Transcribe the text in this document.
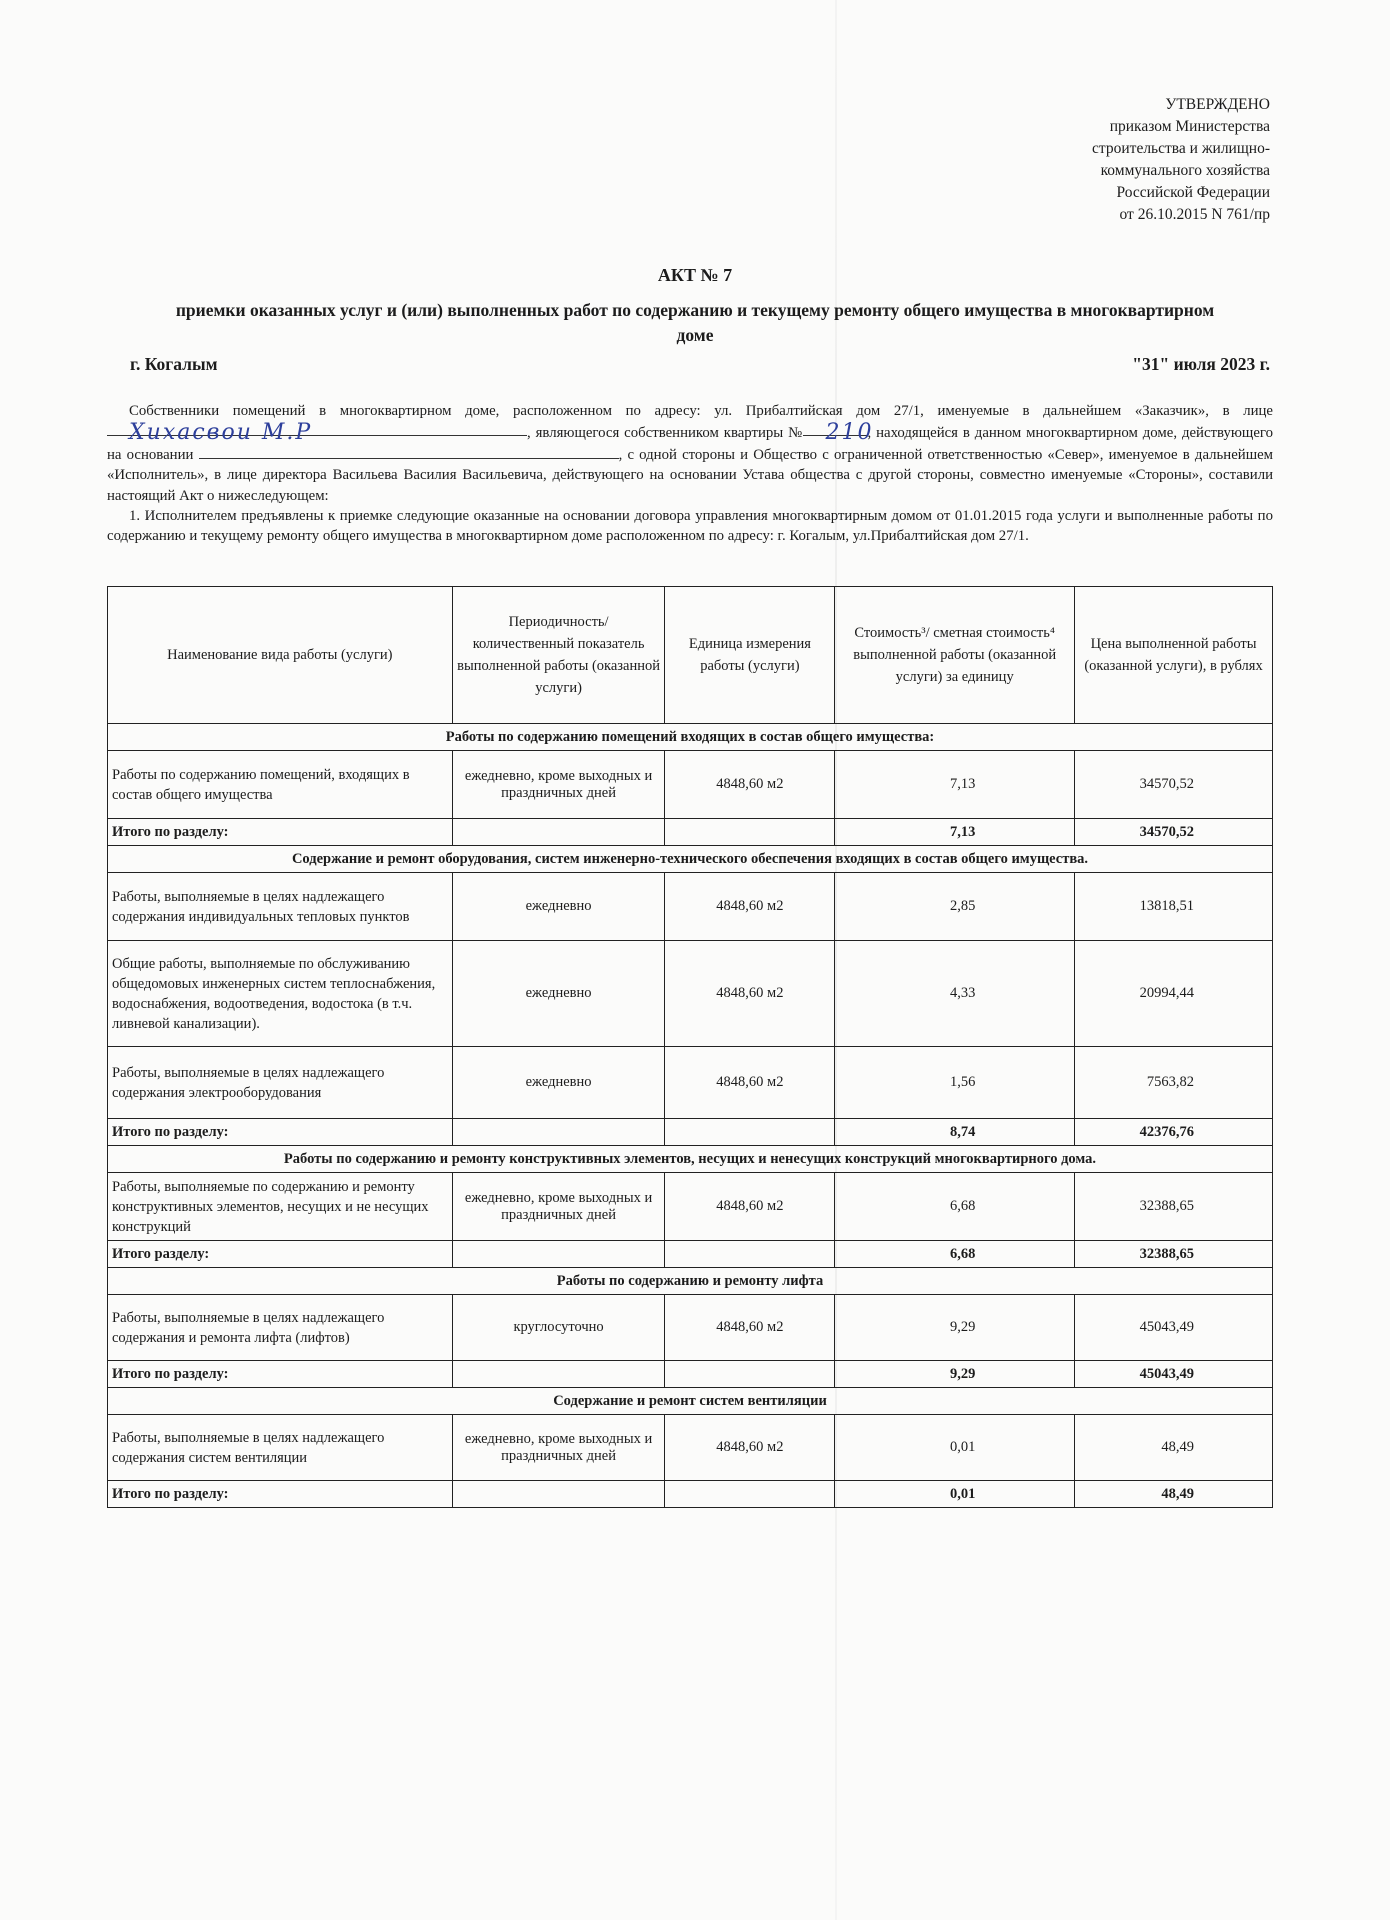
УТВЕРЖДЕНО
приказом Министерства
строительства и жилищно-
коммунального хозяйства
Российской Федерации
от 26.10.2015 N 761/пр
АКТ № 7
приемки оказанных услуг и (или) выполненных работ по содержанию и текущему ремонту общего имущества в многоквартирном доме
г. Когалым	"31" июля 2023 г.

Собственники помещений в многоквартирном доме, расположенном по адресу: ул. Прибалтийская дом 27/1, именуемые в дальнейшем «Заказчик», в лице Хихасвои М.Р	, являющегося собственником квартиры № 210, находящейся в данном многоквартирном доме, действующего на основании	, с одной стороны и Общество с ограниченной ответственностью «Север», именуемое в дальнейшем «Исполнитель», в лице директора Васильева Василия Васильевича, действующего на основании Устава общества с другой стороны, совместно именуемые «Стороны», составили настоящий Акт о нижеследующем:

1. Исполнителем предъявлены к приемке следующие оказанные на основании договора управления многоквартирным домом от 01.01.2015 года услуги и выполненные работы по содержанию и текущему ремонту общего имущества в многоквартирном доме расположенном по адресу: г. Когалым, ул.Прибалтийская дом 27/1.

Наименование вида работы (услуги)	Периодичность/ количественный показатель выполненной работы (оказанной услуги)	Единица измерения работы (услуги)	Стоимость³/ сметная стоимость⁴ выполненной работы (оказанной услуги) за единицу	Цена выполненной работы (оказанной услуги), в рублях
Работы по содержанию помещений входящих в состав общего имущества:				
Работы по содержанию помещений, входящих в состав общего имущества	ежедневно, кроме выходных и праздничных дней	4848,60 м2	7,13	34570,52
Итого по разделу:			7,13	34570,52
Содержание и ремонт оборудования, систем инженерно-технического обеспечения входящих в состав общего имущества.				
Работы, выполняемые в целях надлежащего содержания индивидуальных тепловых пунктов	ежедневно	4848,60 м2	2,85	13818,51
Общие работы, выполняемые по обслуживанию общедомовых инженерных систем теплоснабжения, водоснабжения, водоотведения, водостока (в т.ч. ливневой канализации).	ежедневно	4848,60 м2	4,33	20994,44
Работы, выполняемые в целях надлежащего содержания электрооборудования	ежедневно	4848,60 м2	1,56	7563,82
Итого по разделу:			8,74	42376,76
Работы по содержанию и ремонту конструктивных элементов, несущих и ненесущих конструкций многоквартирного дома.				
Работы, выполняемые по содержанию и ремонту конструктивных элементов, несущих и не несущих конструкций	ежедневно, кроме выходных и праздничных дней	4848,60 м2	6,68	32388,65
Итого разделу:			6,68	32388,65
Работы по содержанию и ремонту лифта				
Работы, выполняемые в целях надлежащего содержания и ремонта лифта (лифтов)	круглосуточно	4848,60 м2	9,29	45043,49
Итого по разделу:			9,29	45043,49
Содержание и ремонт систем вентиляции				
Работы, выполняемые в целях надлежащего содержания систем вентиляции	ежедневно, кроме выходных и праздничных дней	4848,60 м2	0,01	48,49
Итого по разделу:			0,01	48,49
